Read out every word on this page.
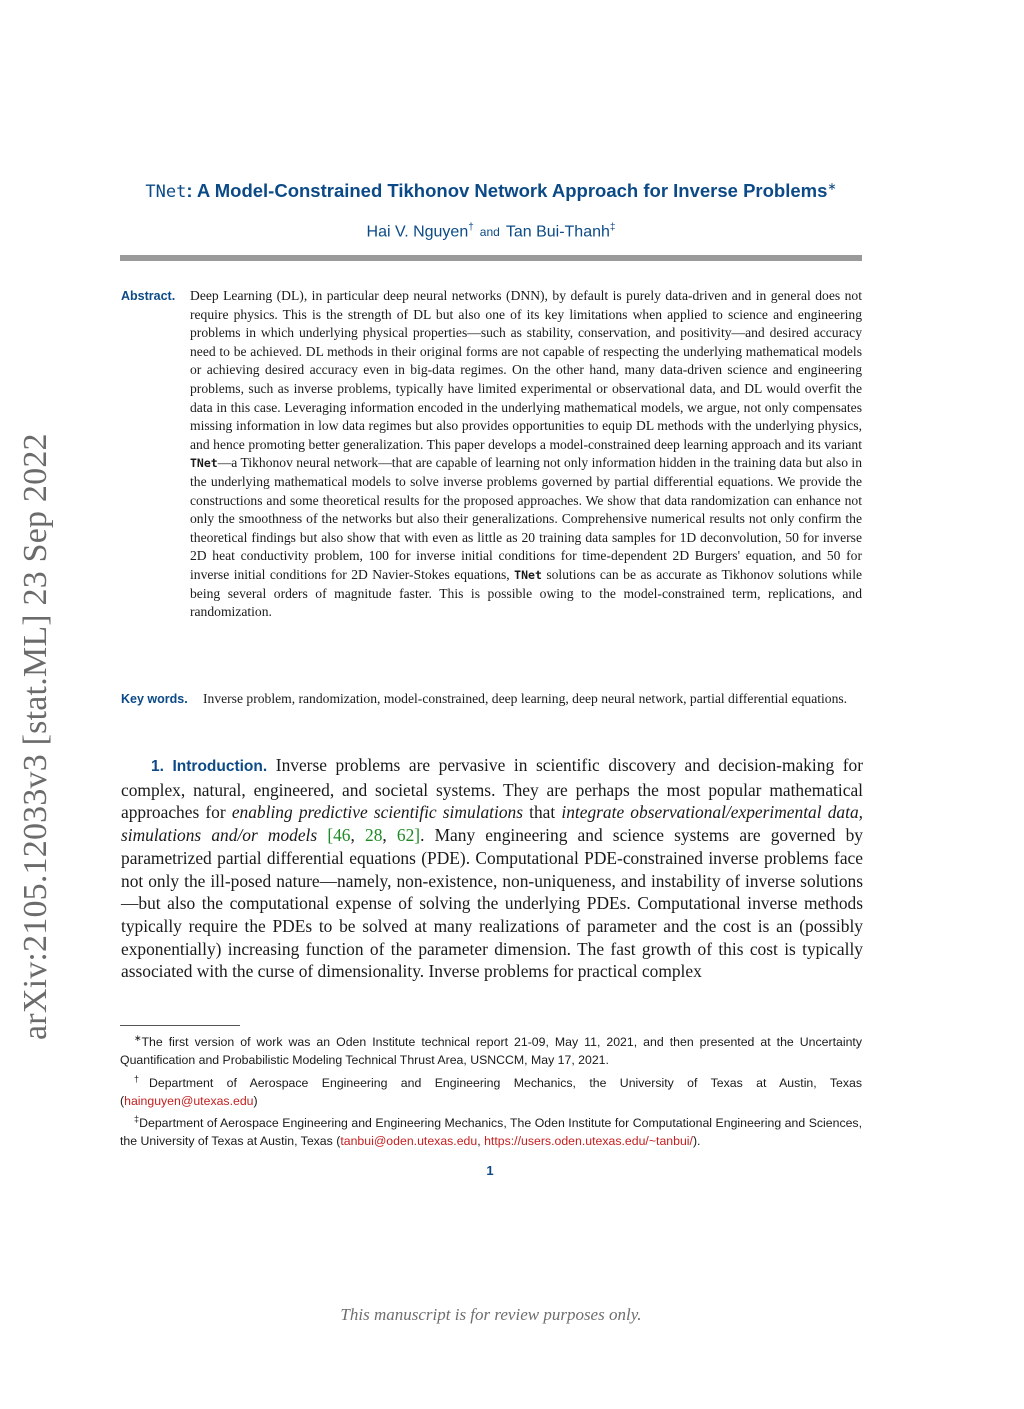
arXiv:2105.12033v3 [stat.ML] 23 Sep 2022
TNet: A Model-Constrained Tikhonov Network Approach for Inverse Problems∗
Hai V. Nguyen† and Tan Bui-Thanh‡
Abstract.	Deep Learning (DL), in particular deep neural networks (DNN), by default is purely data-driven and in general does not require physics. This is the strength of DL but also one of its key limitations when applied to science and engineering problems in which underlying physical properties—such as stability, conservation, and positivity—and desired accuracy need to be achieved. DL methods in their original forms are not capable of respecting the underlying mathematical models or achieving desired accuracy even in big-data regimes. On the other hand, many data-driven science and engineering problems, such as inverse problems, typically have limited experimental or observational data, and DL would overfit the data in this case. Leveraging information encoded in the underlying mathematical models, we argue, not only compensates missing information in low data regimes but also provides opportunities to equip DL methods with the underlying physics, and hence promoting better generalization. This paper develops a model-constrained deep learning approach and its variant TNet—a Tikhonov neural network—that are capable of learning not only information hidden in the training data but also in the underlying mathematical models to solve inverse problems governed by partial differential equations. We provide the constructions and some theoretical results for the proposed approaches. We show that data randomization can enhance not only the smoothness of the networks but also their generalizations. Comprehensive numerical results not only confirm the theoretical findings but also show that with even as little as 20 training data samples for 1D deconvolution, 50 for inverse 2D heat conductivity problem, 100 for inverse initial conditions for time-dependent 2D Burgers' equation, and 50 for inverse initial conditions for 2D Navier-Stokes equations, TNet solutions can be as accurate as Tikhonov solutions while being several orders of magnitude faster. This is possible owing to the model-constrained term, replications, and randomization.
Key words.	Inverse problem, randomization, model-constrained, deep learning, deep neural network, partial differential equations.
1. Introduction. Inverse problems are pervasive in scientific discovery and decision-making for complex, natural, engineered, and societal systems. They are perhaps the most popular mathematical approaches for enabling predictive scientific simulations that integrate observational/experimental data, simulations and/or models [46, 28, 62]. Many engineering and science systems are governed by parametrized partial differential equations (PDE). Computational PDE-constrained inverse problems face not only the ill-posed nature—namely, non-existence, non-uniqueness, and instability of inverse solutions—but also the computational expense of solving the underlying PDEs. Computational inverse methods typically require the PDEs to be solved at many realizations of parameter and the cost is an (possibly exponentially) increasing function of the parameter dimension. The fast growth of this cost is typically associated with the curse of dimensionality. Inverse problems for practical complex

∗The first version of work was an Oden Institute technical report 21-09, May 11, 2021, and then presented at the Uncertainty Quantification and Probabilistic Modeling Technical Thrust Area, USNCCM, May 17, 2021.

†Department of Aerospace Engineering and Engineering Mechanics, the University of Texas at Austin, Texas (hainguyen@utexas.edu)

‡Department of Aerospace Engineering and Engineering Mechanics, The Oden Institute for Computational Engineering and Sciences, the University of Texas at Austin, Texas (tanbui@oden.utexas.edu, https://users.oden.utexas.edu/~tanbui/).

1
This manuscript is for review purposes only.
